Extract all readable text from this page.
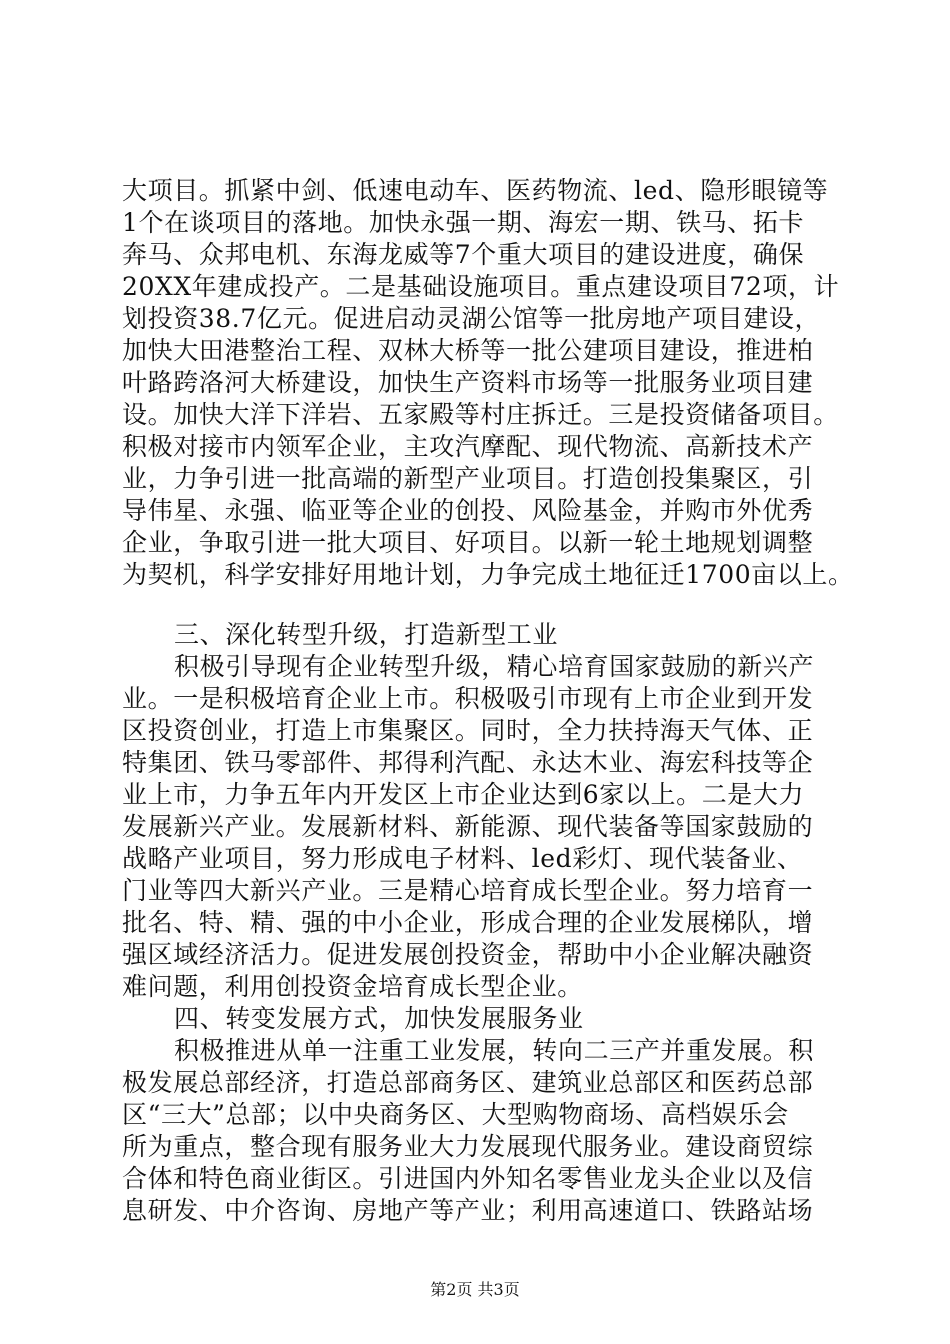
大项目。抓紧中剑、低速电动车、医药物流、led、隐形眼镜等
1个在谈项目的落地。加快永强一期、海宏一期、铁马、拓卡
奔马、众邦电机、东海龙威等7个重大项目的建设进度，确保
20XX年建成投产。二是基础设施项目。重点建设项目72项，计
划投资38.7亿元。促进启动灵湖公馆等一批房地产项目建设，
加快大田港整治工程、双林大桥等一批公建项目建设，推进柏
叶路跨洛河大桥建设，加快生产资料市场等一批服务业项目建
设。加快大洋下洋岩、五家殿等村庄拆迁。三是投资储备项目。
积极对接市内领军企业，主攻汽摩配、现代物流、高新技术产
业，力争引进一批高端的新型产业项目。打造创投集聚区，引
导伟星、永强、临亚等企业的创投、风险基金，并购市外优秀
企业，争取引进一批大项目、好项目。以新一轮土地规划调整
为契机，科学安排好用地计划，力争完成土地征迁1700亩以上。
三、深化转型升级，打造新型工业
积极引导现有企业转型升级，精心培育国家鼓励的新兴产
业。一是积极培育企业上市。积极吸引市现有上市企业到开发
区投资创业，打造上市集聚区。同时，全力扶持海天气体、正
特集团、铁马零部件、邦得利汽配、永达木业、海宏科技等企
业上市，力争五年内开发区上市企业达到6家以上。二是大力
发展新兴产业。发展新材料、新能源、现代装备等国家鼓励的
战略产业项目，努力形成电子材料、led彩灯、现代装备业、
门业等四大新兴产业。三是精心培育成长型企业。努力培育一
批名、特、精、强的中小企业，形成合理的企业发展梯队，增
强区域经济活力。促进发展创投资金，帮助中小企业解决融资
难问题，利用创投资金培育成长型企业。
四、转变发展方式，加快发展服务业
积极推进从单一注重工业发展，转向二三产并重发展。积
极发展总部经济，打造总部商务区、建筑业总部区和医药总部
区“三大”总部；以中央商务区、大型购物商场、高档娱乐会
所为重点，整合现有服务业大力发展现代服务业。建设商贸综
合体和特色商业街区。引进国内外知名零售业龙头企业以及信
息研发、中介咨询、房地产等产业；利用高速道口、铁路站场
第2页 共3页
